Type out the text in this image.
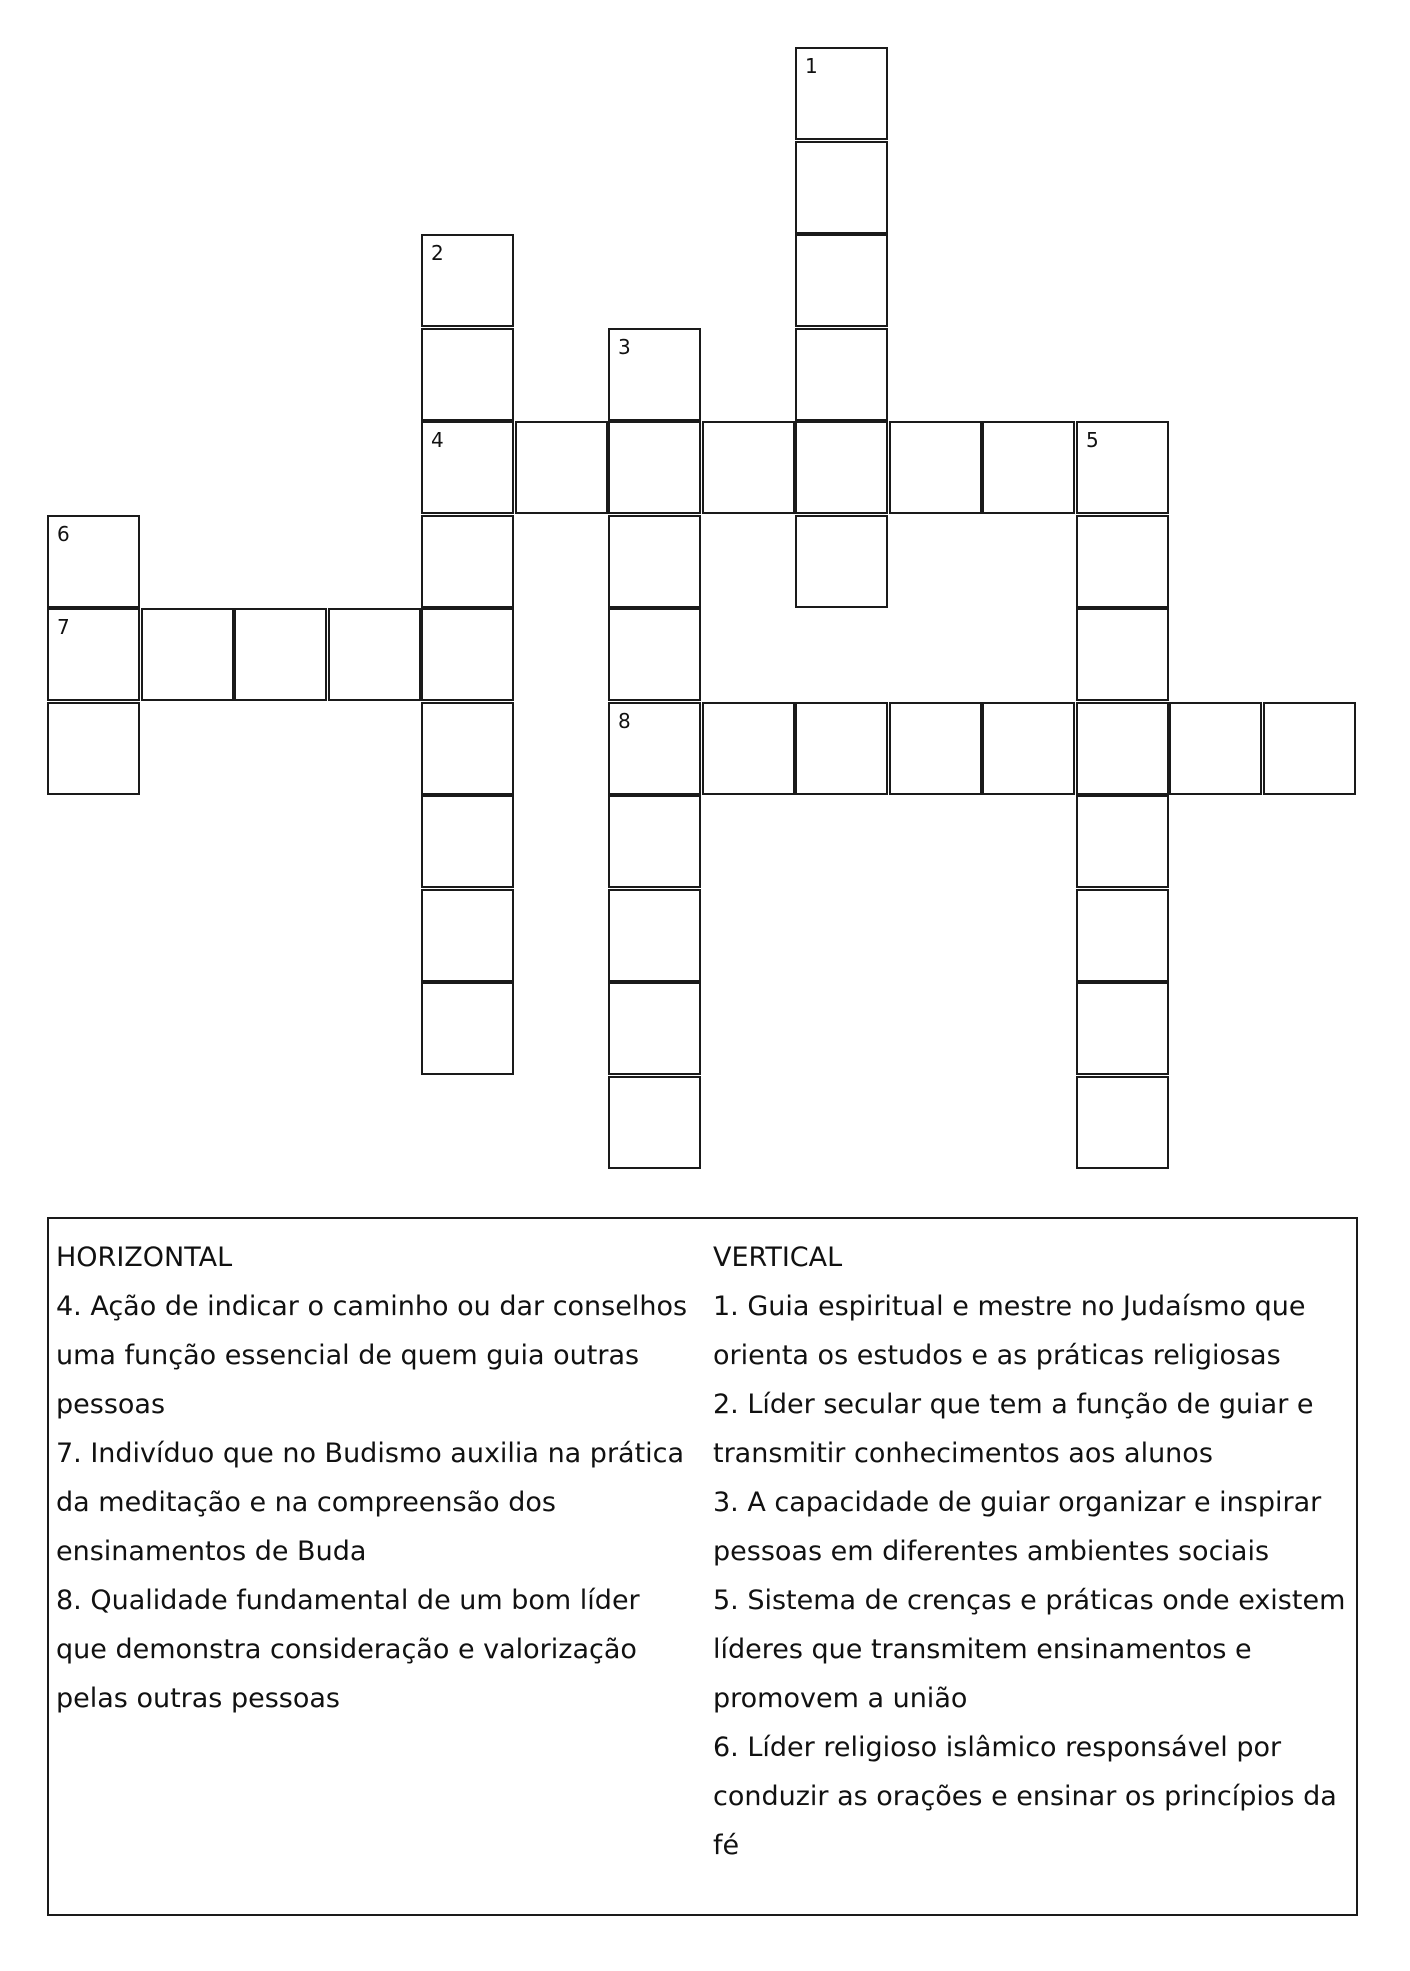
1
2
4
3
8
5
6
7
HORIZONTAL
4. Ação de indicar o caminho ou dar conselhos uma função essencial de quem guia outras pessoas
7. Indivíduo que no Budismo auxilia na prática da meditação e na compreensão dos ensinamentos de Buda
8. Qualidade fundamental de um bom líder que demonstra consideração e valorização pelas outras pessoas
VERTICAL
1. Guia espiritual e mestre no Judaísmo que orienta os estudos e as práticas religiosas
2. Líder secular que tem a função de guiar e transmitir conhecimentos aos alunos
3. A capacidade de guiar organizar e inspirar pessoas em diferentes ambientes sociais
5. Sistema de crenças e práticas onde existem líderes que transmitem ensinamentos e promovem a união
6. Líder religioso islâmico responsável por conduzir as orações e ensinar os princípios da fé
